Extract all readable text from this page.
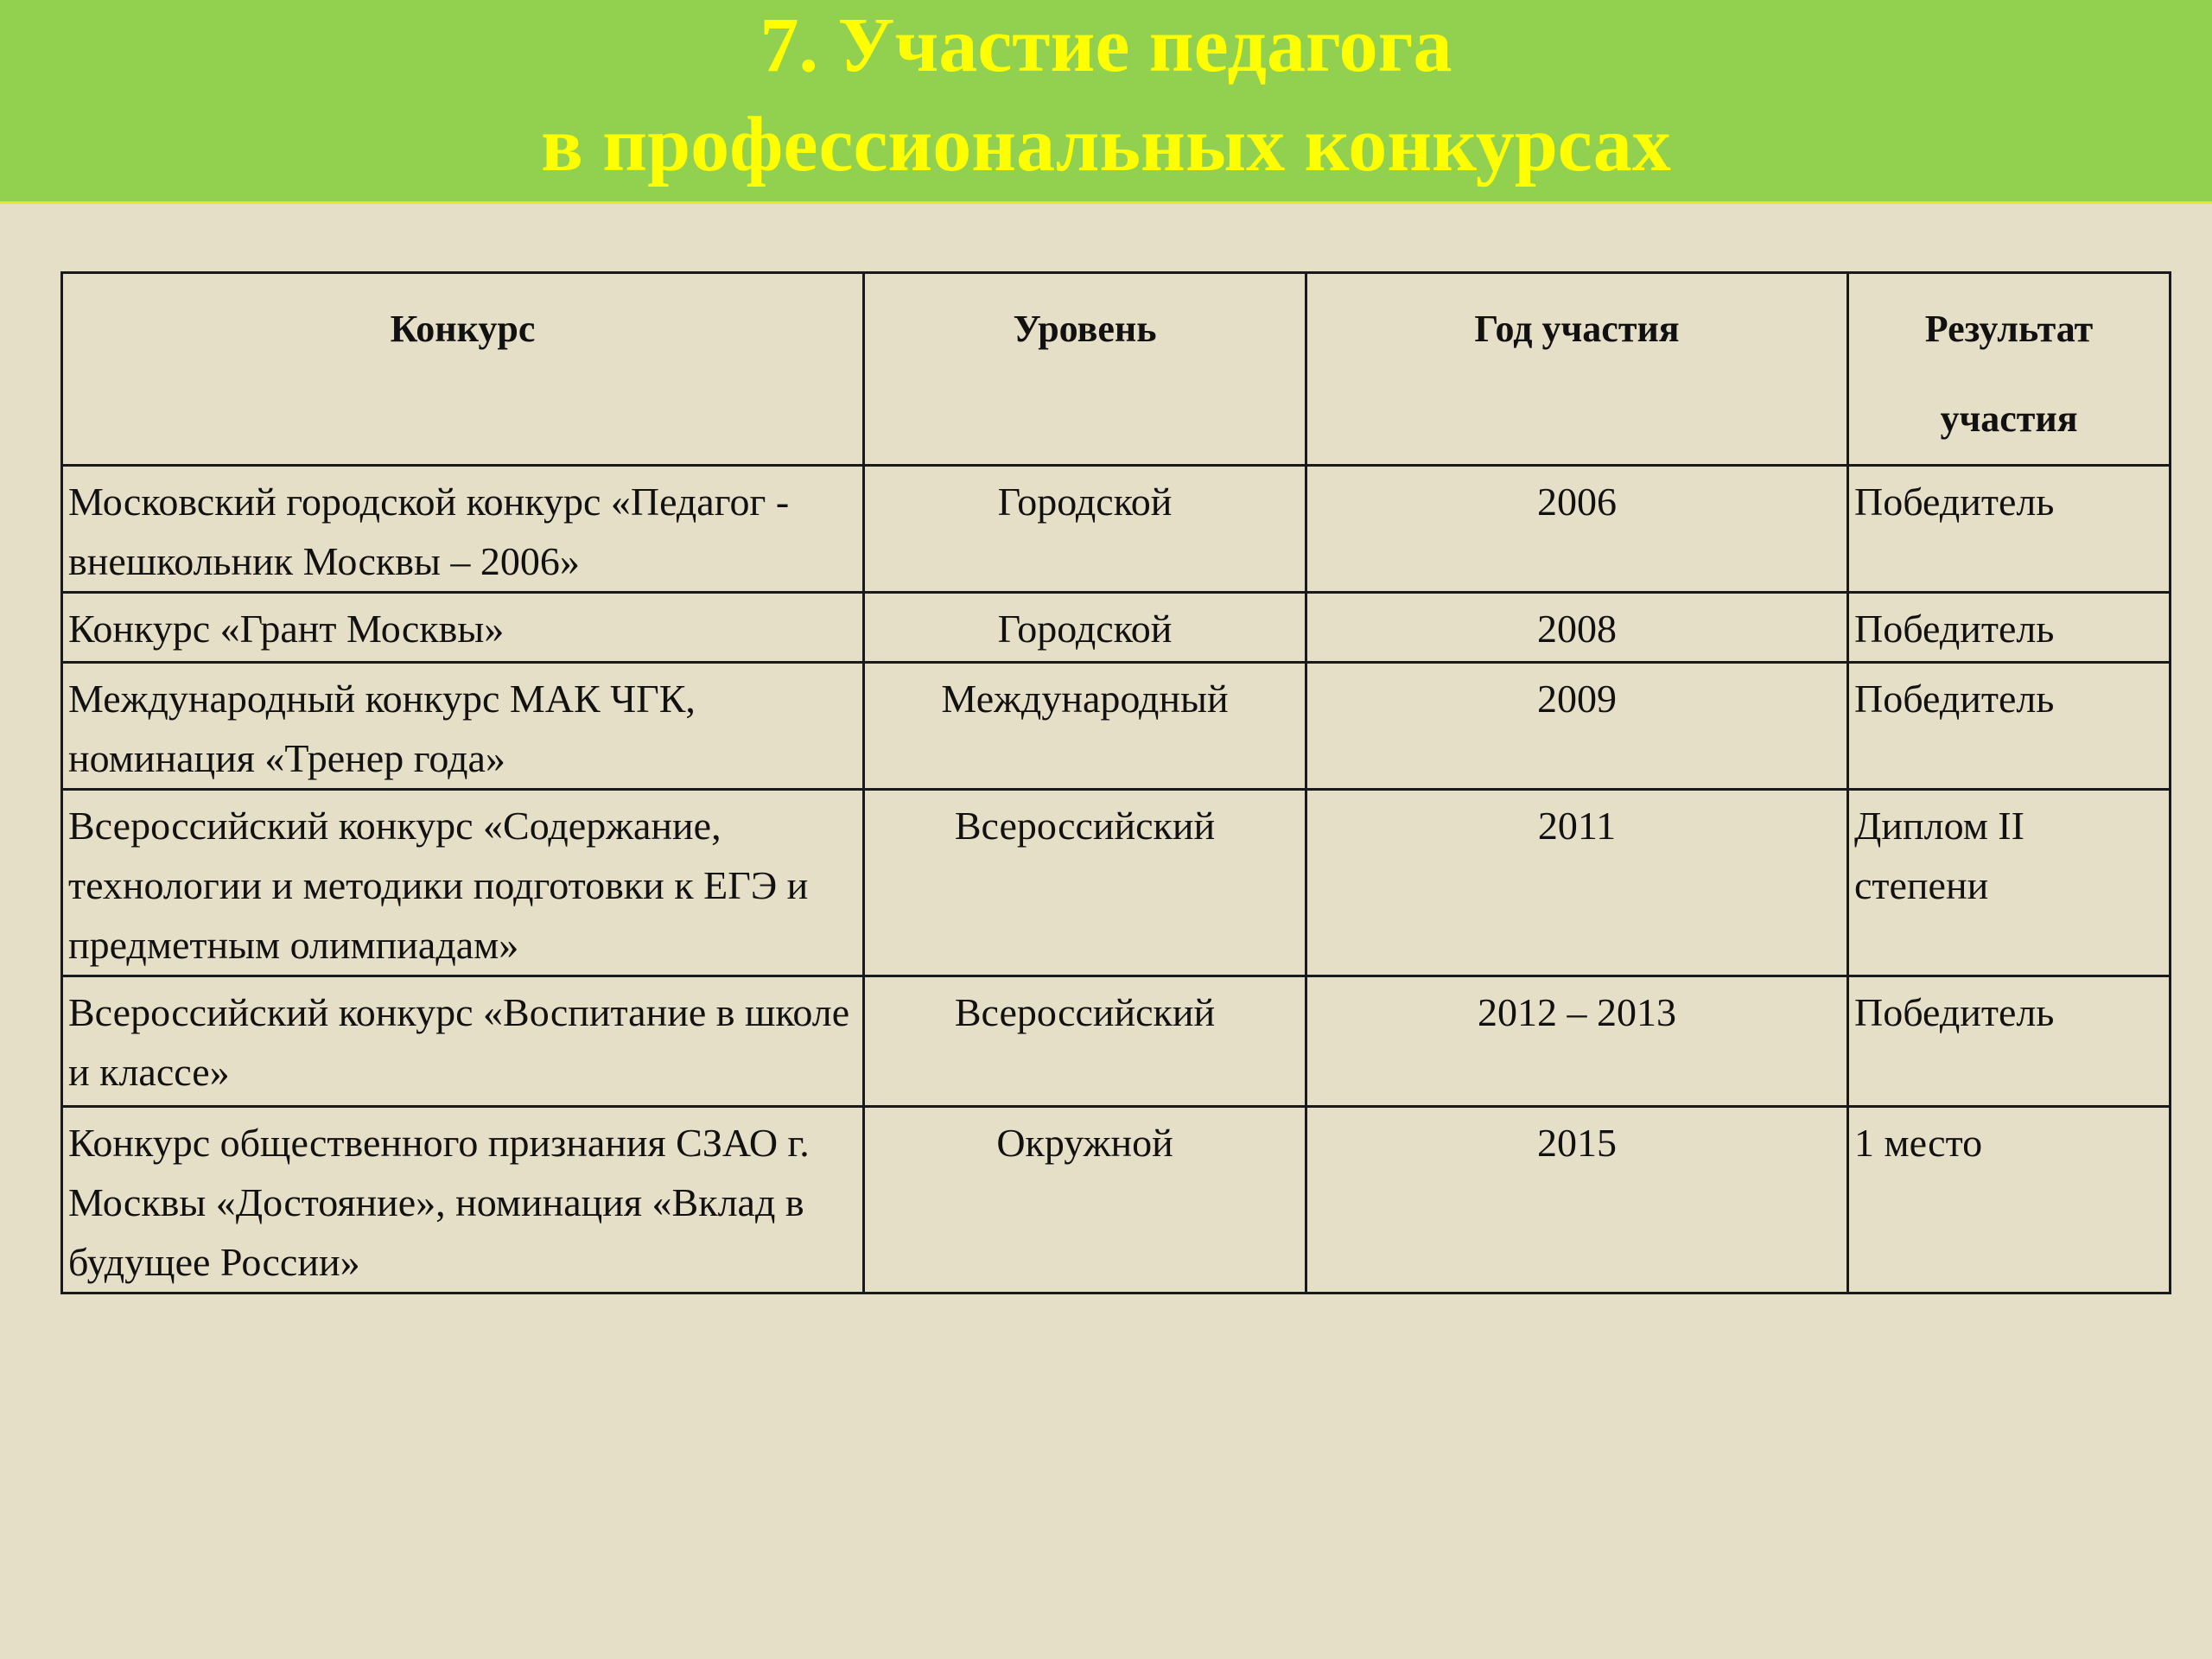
7. Участие педагога
в профессиональных конкурсах
Конкурс	Уровень	Год участия	Результат
участия

Московский городской конкурс «Педагог - внешкольник Москвы – 2006»	Городской	2006	Победитель
Конкурс «Грант Москвы»	Городской	2008	Победитель
Международный конкурс МАК ЧГК, номинация «Тренер года»	Международный	2009	Победитель
Всероссийский конкурс «Содержание, технологии и методики подготовки к ЕГЭ и предметным олимпиадам»	Всероссийский	2011	Диплом II степени
Всероссийский конкурс «Воспитание в школе и классе»	Всероссийский	2012 – 2013	Победитель
Конкурс общественного признания СЗАО г. Москвы «Достояние», номинация «Вклад в будущее России»	Окружной	2015	1 место
